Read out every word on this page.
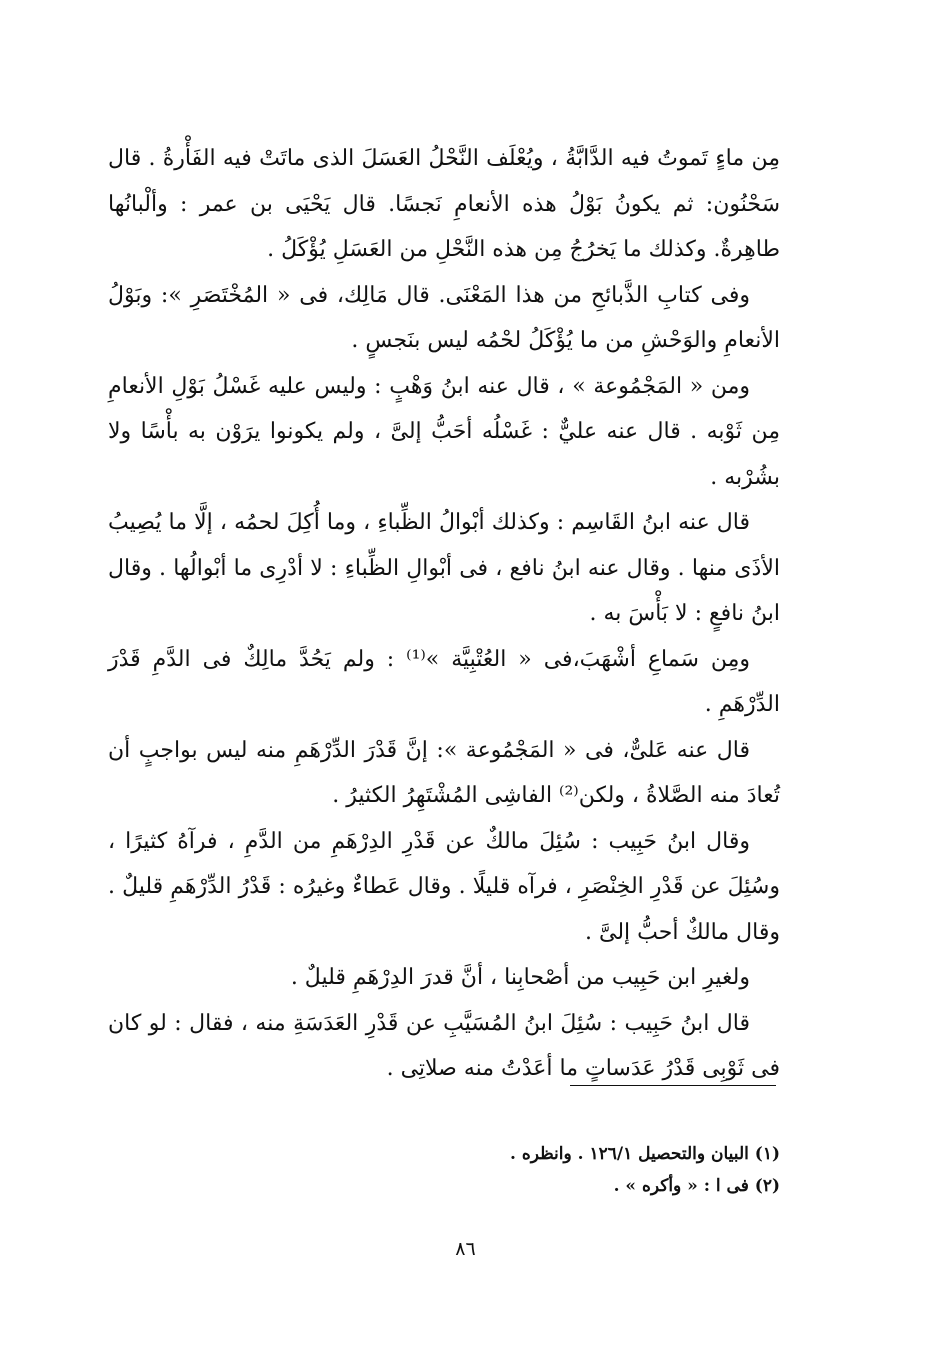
مِن ماءٍ تَموتُ فيه الدَّابَّةُ ، ويُعْلَف النَّحْلُ العَسَلَ الذى ماتَتْ فيه الفَأْرةُ . قال سَحْنُون: ثم يكونُ بَوْلُ هذه الأنعامِ نَجسًا. قال يَحْيَى بن عمر : وألْبانُها طاهِرةٌ. وكذلك ما يَخرُجُ مِن هذه النَّحْلِ من العَسَلِ يُؤْكَلُ .

وفى كتابِ الذَّبائحِ من هذا المَعْنَى. قال مَالِك، فى « المُخْتَصَرِ »: وبَوْلُ الأنعامِ والوَحْشِ من ما يُؤْكَلُ لحْمُه ليس بنَجسٍ .

ومن « المَجْمُوعة » ، قال عنه ابنُ وَهْبٍ : وليس عليه غَسْلُ بَوْلِ الأنعامِ مِن ثَوْبه . قال عنه عليٌّ : غَسْلُه أحَبُّ إلىَّ ، ولم يكونوا يرَوْن به بأْسًا ولا بشُرْبه .

قال عنه ابنُ القَاسِم : وكذلك أبْوالُ الظِّباءِ ، وما أُكِلَ لحمُه ، إلَّا ما يُصِيبُ الأذَى منها . وقال عنه ابنُ نافع ، فى أبْوالِ الظِّباءِ : لا أدْرِى ما أبْوالُها . وقال ابنُ نافعٍ : لا بَأْسَ به .

ومِن سَماعِ أشْهَبَ،فى « العُتْبِيَّة »⁽¹⁾ : ولم يَحُدَّ مالِكٌ فى الدَّمِ قَدْرَ الدِّرْهَمِ .

قال عنه عَلىٌّ، فى « المَجْمُوعة »: إنَّ قَدْرَ الدِّرْهَمِ منه ليس بواجبٍ أن تُعادَ منه الصَّلاةُ ، ولكن⁽²⁾ الفاشِى المُشْتَهِرُ الكثيرُ .

وقال ابنُ حَبِيب : سُئِلَ مالكٌ عن قَدْرِ الدِرْهَمِ من الدَّمِ ، فرآهُ كثيرًا ، وسُئِلَ عن قَدْرِ الخِنْصَرِ ، فرآه قليلًا . وقال عَطاءٌ وغيرُه : قَدْرُ الدِّرْهَمِ قليلٌ . وقال مالكٌ أحبُّ إلىَّ .

ولغيرِ ابن حَبِيب من أصْحابِنا ، أنَّ قدرَ الدِرْهَمِ قليلٌ .

قال ابنُ حَبِيب : سُئِلَ ابنُ المُسَيَّبِ عن قَدْرِ العَدَسَةِ منه ، فقال : لو كان فى ثَوْبِى قَدْرُ عَدَساتٍ ما أعَدْتُ منه صلاتِى .

(١) البيان والتحصيل ١٢٦/١ . وانظره .

(٢) فى ا : « وأكره » .

٨٦
